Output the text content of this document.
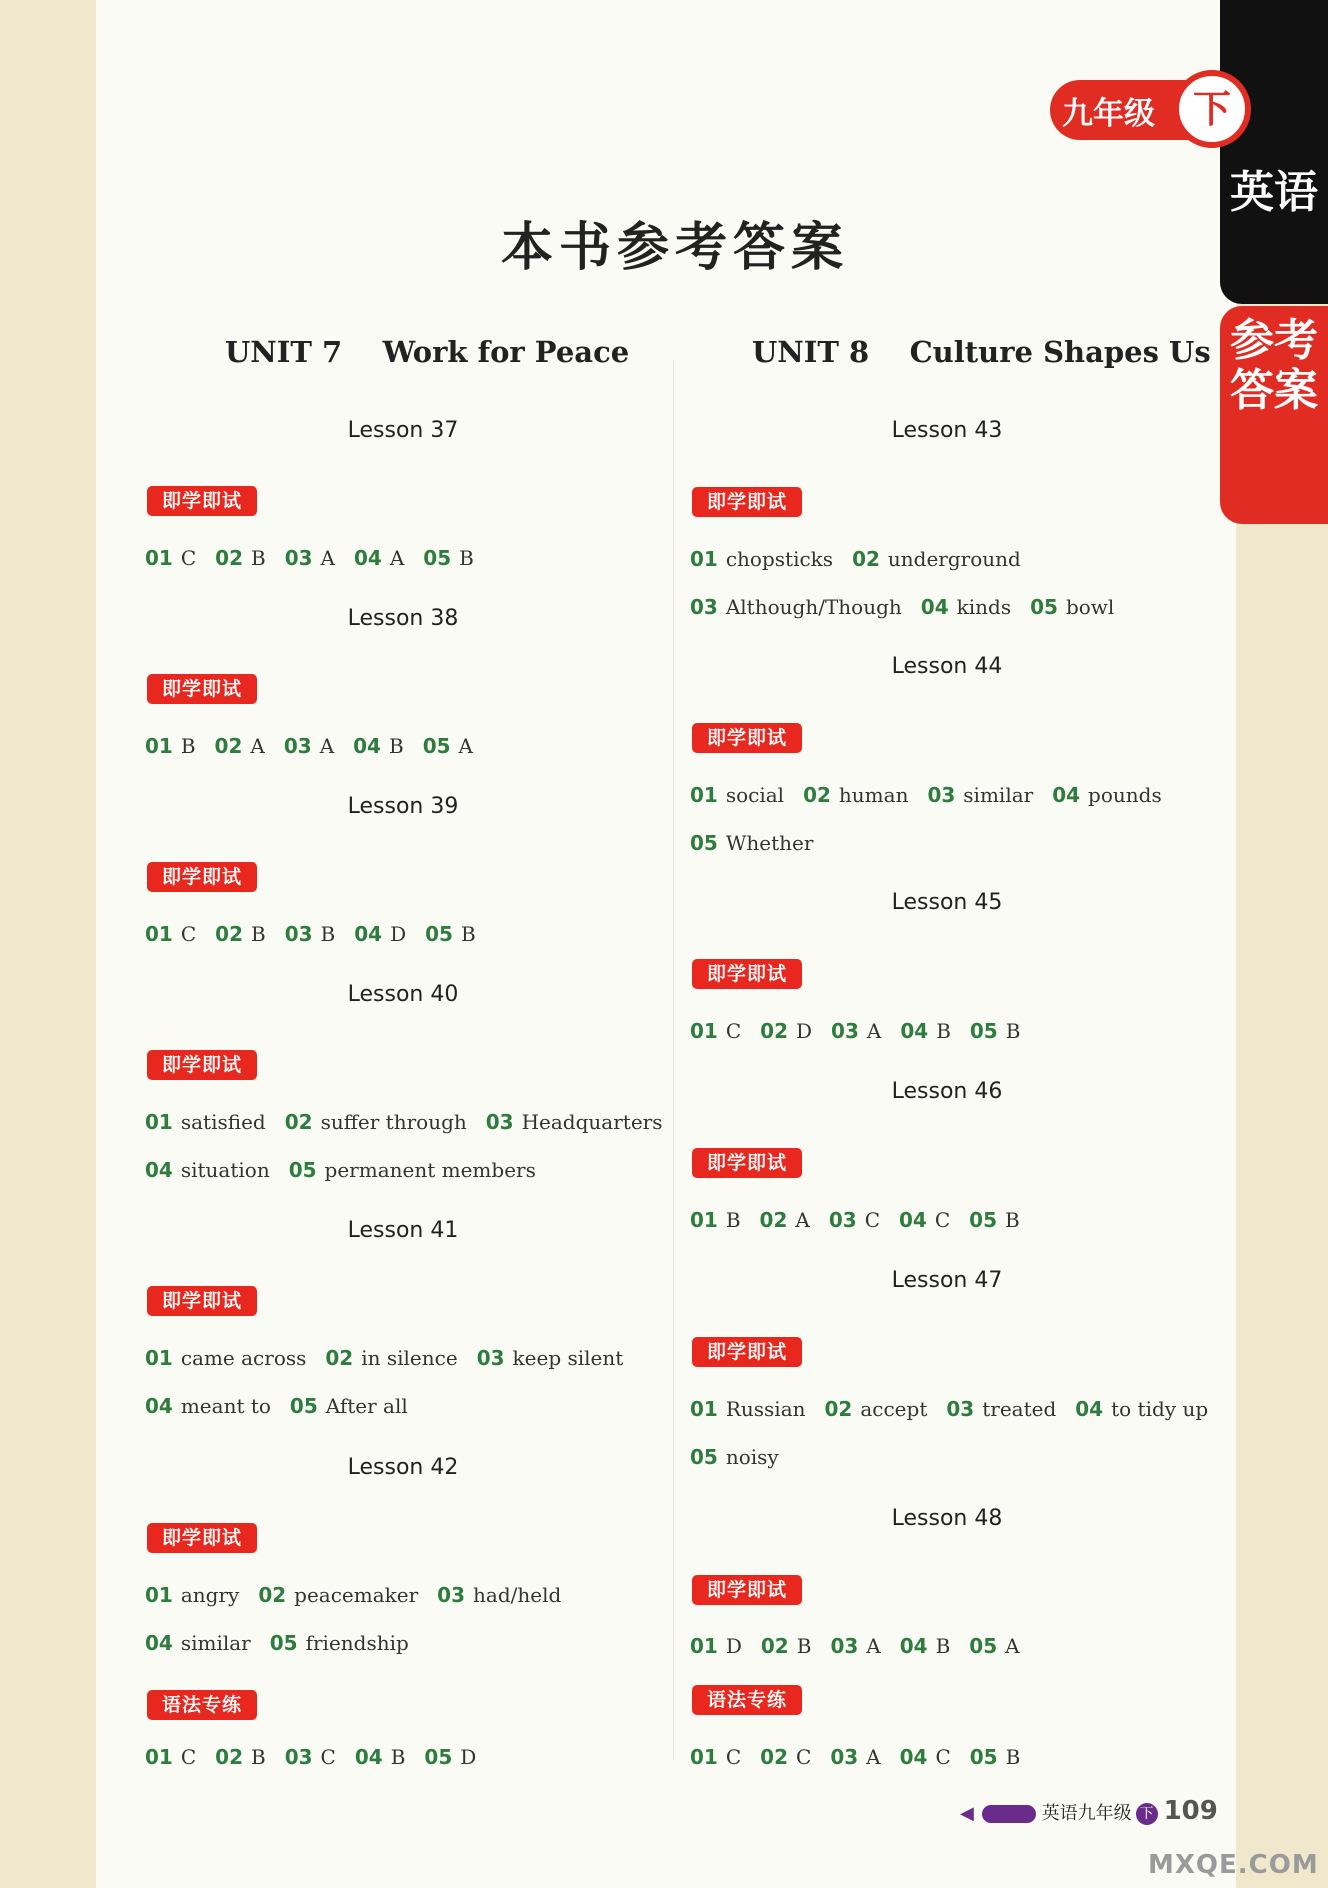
英语
参考答案
九年级 下
本书参考答案
UNIT 7    Work for Peace
Lesson 37
即学即试
01 C 02 B 03 A 04 A 05 B
Lesson 38
即学即试
01 B 02 A 03 A 04 B 05 A
Lesson 39
即学即试
01 C 02 B 03 B 04 D 05 B
Lesson 40
即学即试
01 satisfied 02 suffer through 03 Headquarters
04 situation 05 permanent members
Lesson 41
即学即试
01 came across 02 in silence 03 keep silent
04 meant to 05 After all
Lesson 42
即学即试
01 angry 02 peacemaker 03 had/held
04 similar 05 friendship
语法专练
01 C 02 B 03 C 04 B 05 D
UNIT 8    Culture Shapes Us
Lesson 43
即学即试
01 chopsticks 02 underground
03 Although/Though 04 kinds 05 bowl
Lesson 44
即学即试
01 social 02 human 03 similar 04 pounds
05 Whether
Lesson 45
即学即试
01 C 02 D 03 A 04 B 05 B
Lesson 46
即学即试
01 B 02 A 03 C 04 C 05 B
Lesson 47
即学即试
01 Russian 02 accept 03 treated 04 to tidy up
05 noisy
Lesson 48
即学即试
01 D 02 B 03 A 04 B 05 A
语法专练
01 C 02 C 03 A 04 C 05 B
◀	英语九年级 下 109
MXQE.COM
